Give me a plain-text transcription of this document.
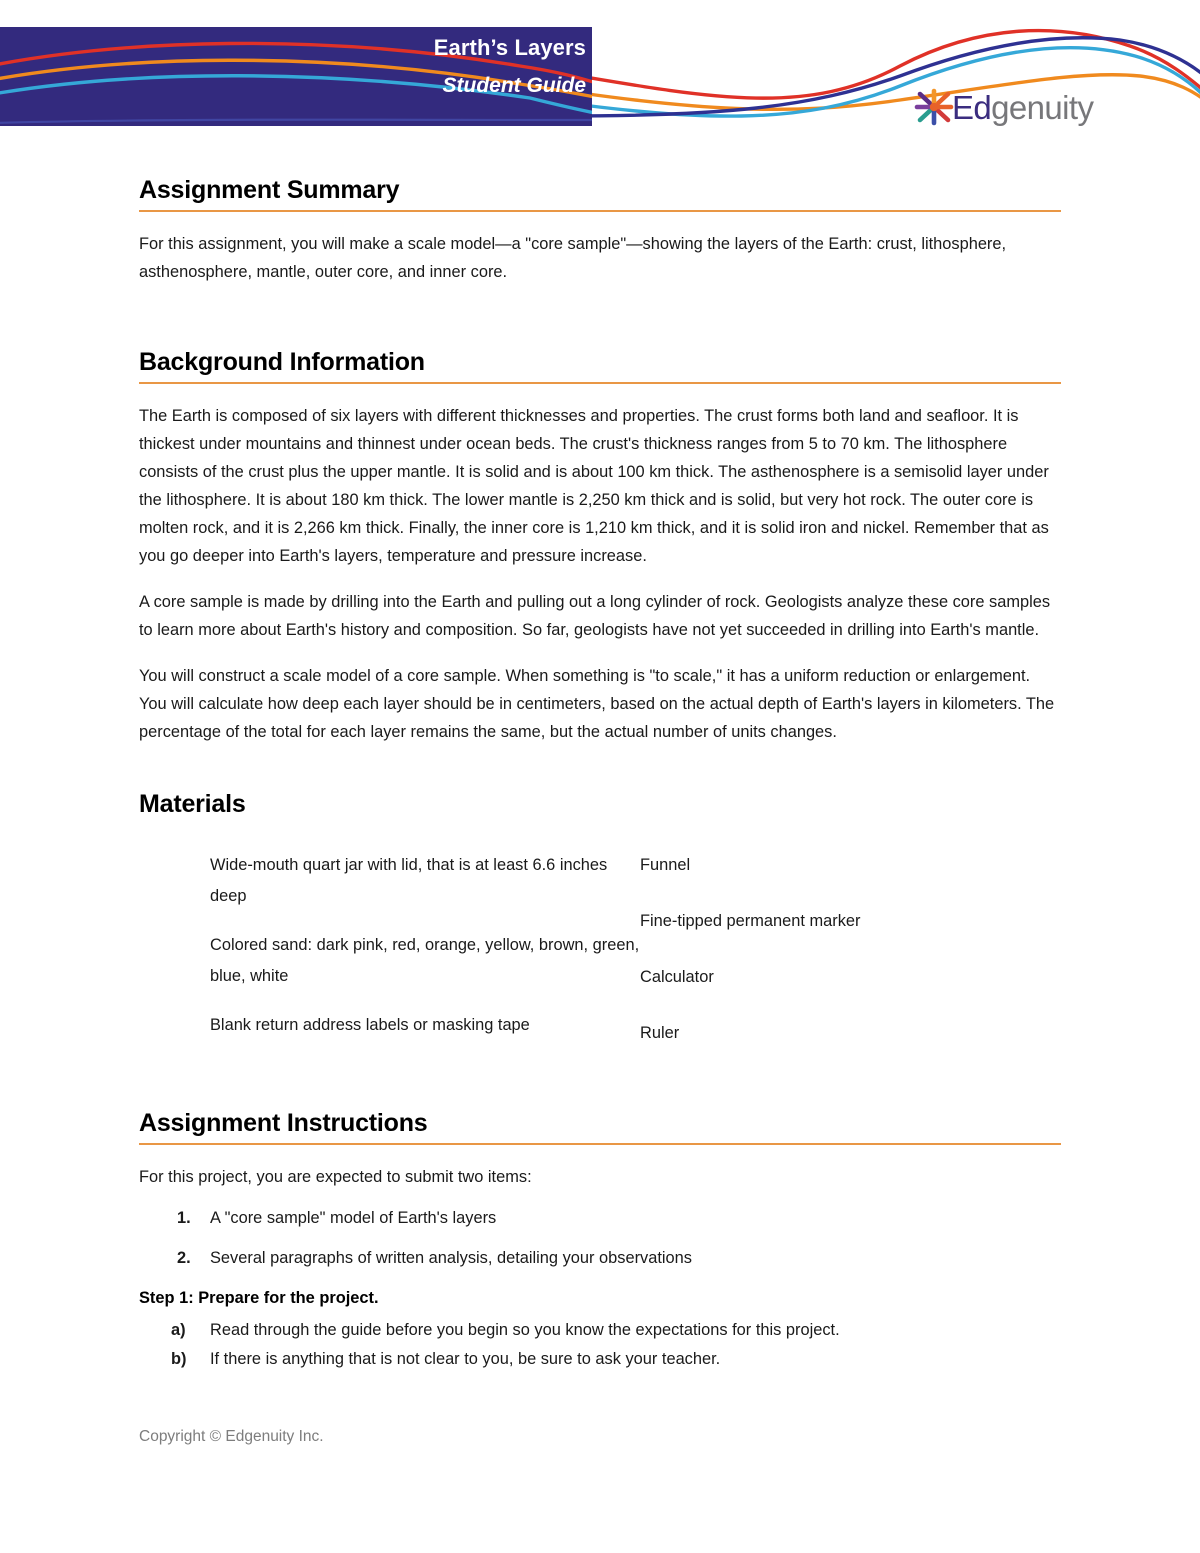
Earth’s Layers
Student Guide
Edgenuity
Assignment Summary

For this assignment, you will make a scale model—a "core sample"—showing the layers of the Earth: crust, lithosphere, asthenosphere, mantle, outer core, and inner core.

Background Information

The Earth is composed of six layers with different thicknesses and properties. The crust forms both land and seafloor. It is thickest under mountains and thinnest under ocean beds. The crust's thickness ranges from 5 to 70 km. The lithosphere consists of the crust plus the upper mantle. It is solid and is about 100 km thick. The asthenosphere is a semisolid layer under the lithosphere. It is about 180 km thick. The lower mantle is 2,250 km thick and is solid, but very hot rock. The outer core is molten rock, and it is 2,266 km thick. Finally, the inner core is 1,210 km thick, and it is solid iron and nickel. Remember that as you go deeper into Earth's layers, temperature and pressure increase.

A core sample is made by drilling into the Earth and pulling out a long cylinder of rock. Geologists analyze these core samples to learn more about Earth's history and composition. So far, geologists have not yet succeeded in drilling into Earth's mantle.

You will construct a scale model of a core sample. When something is "to scale," it has a uniform reduction or enlargement. You will calculate how deep each layer should be in centimeters, based on the actual depth of Earth's layers in kilometers. The percentage of the total for each layer remains the same, but the actual number of units changes.

Materials
Wide-mouth quart jar with lid, that is at least 6.6 inches deep
Colored sand: dark pink, red, orange, yellow, brown, green, blue, white
Blank return address labels or masking tape
Funnel
Fine-tipped permanent marker
Calculator
Ruler
Assignment Instructions

For this project, you are expected to submit two items:

1. A "core sample" model of Earth's layers
2. Several paragraphs of written analysis, detailing your observations

Step 1: Prepare for the project.

a) Read through the guide before you begin so you know the expectations for this project.
b) If there is anything that is not clear to you, be sure to ask your teacher.
Copyright © Edgenuity Inc.
